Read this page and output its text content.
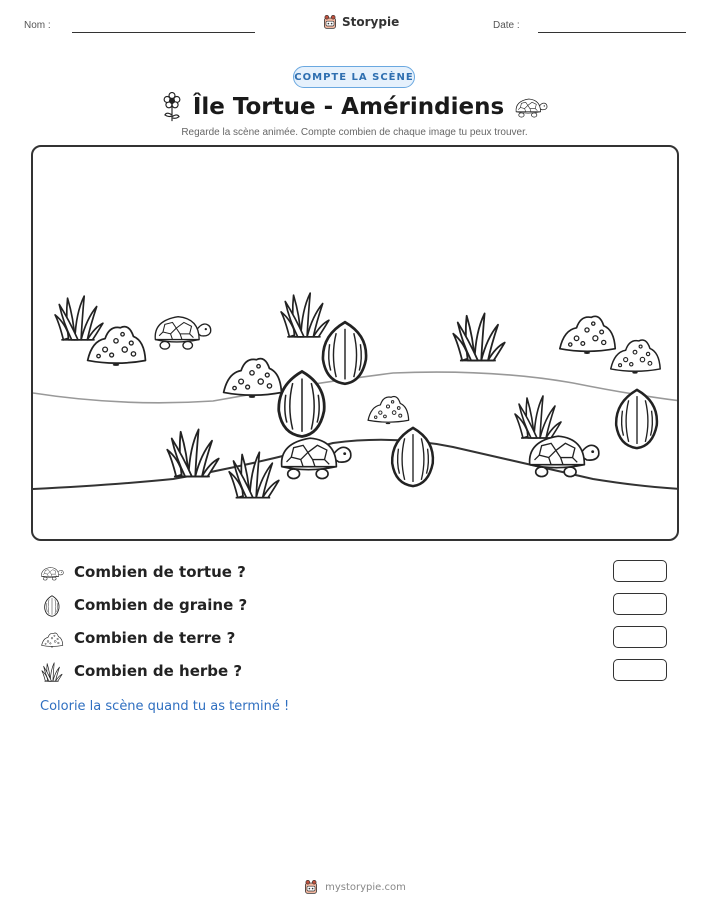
Nom :	Storypie	Date :
COMPTE LA SCÈNE
Île Tortue - Amérindiens
Regarde la scène animée. Compte combien de chaque image tu peux trouver.
Combien de tortue ?
Combien de graine ?
Combien de terre ?
Combien de herbe ?
Colorie la scène quand tu as terminé !
mystorypie.com
